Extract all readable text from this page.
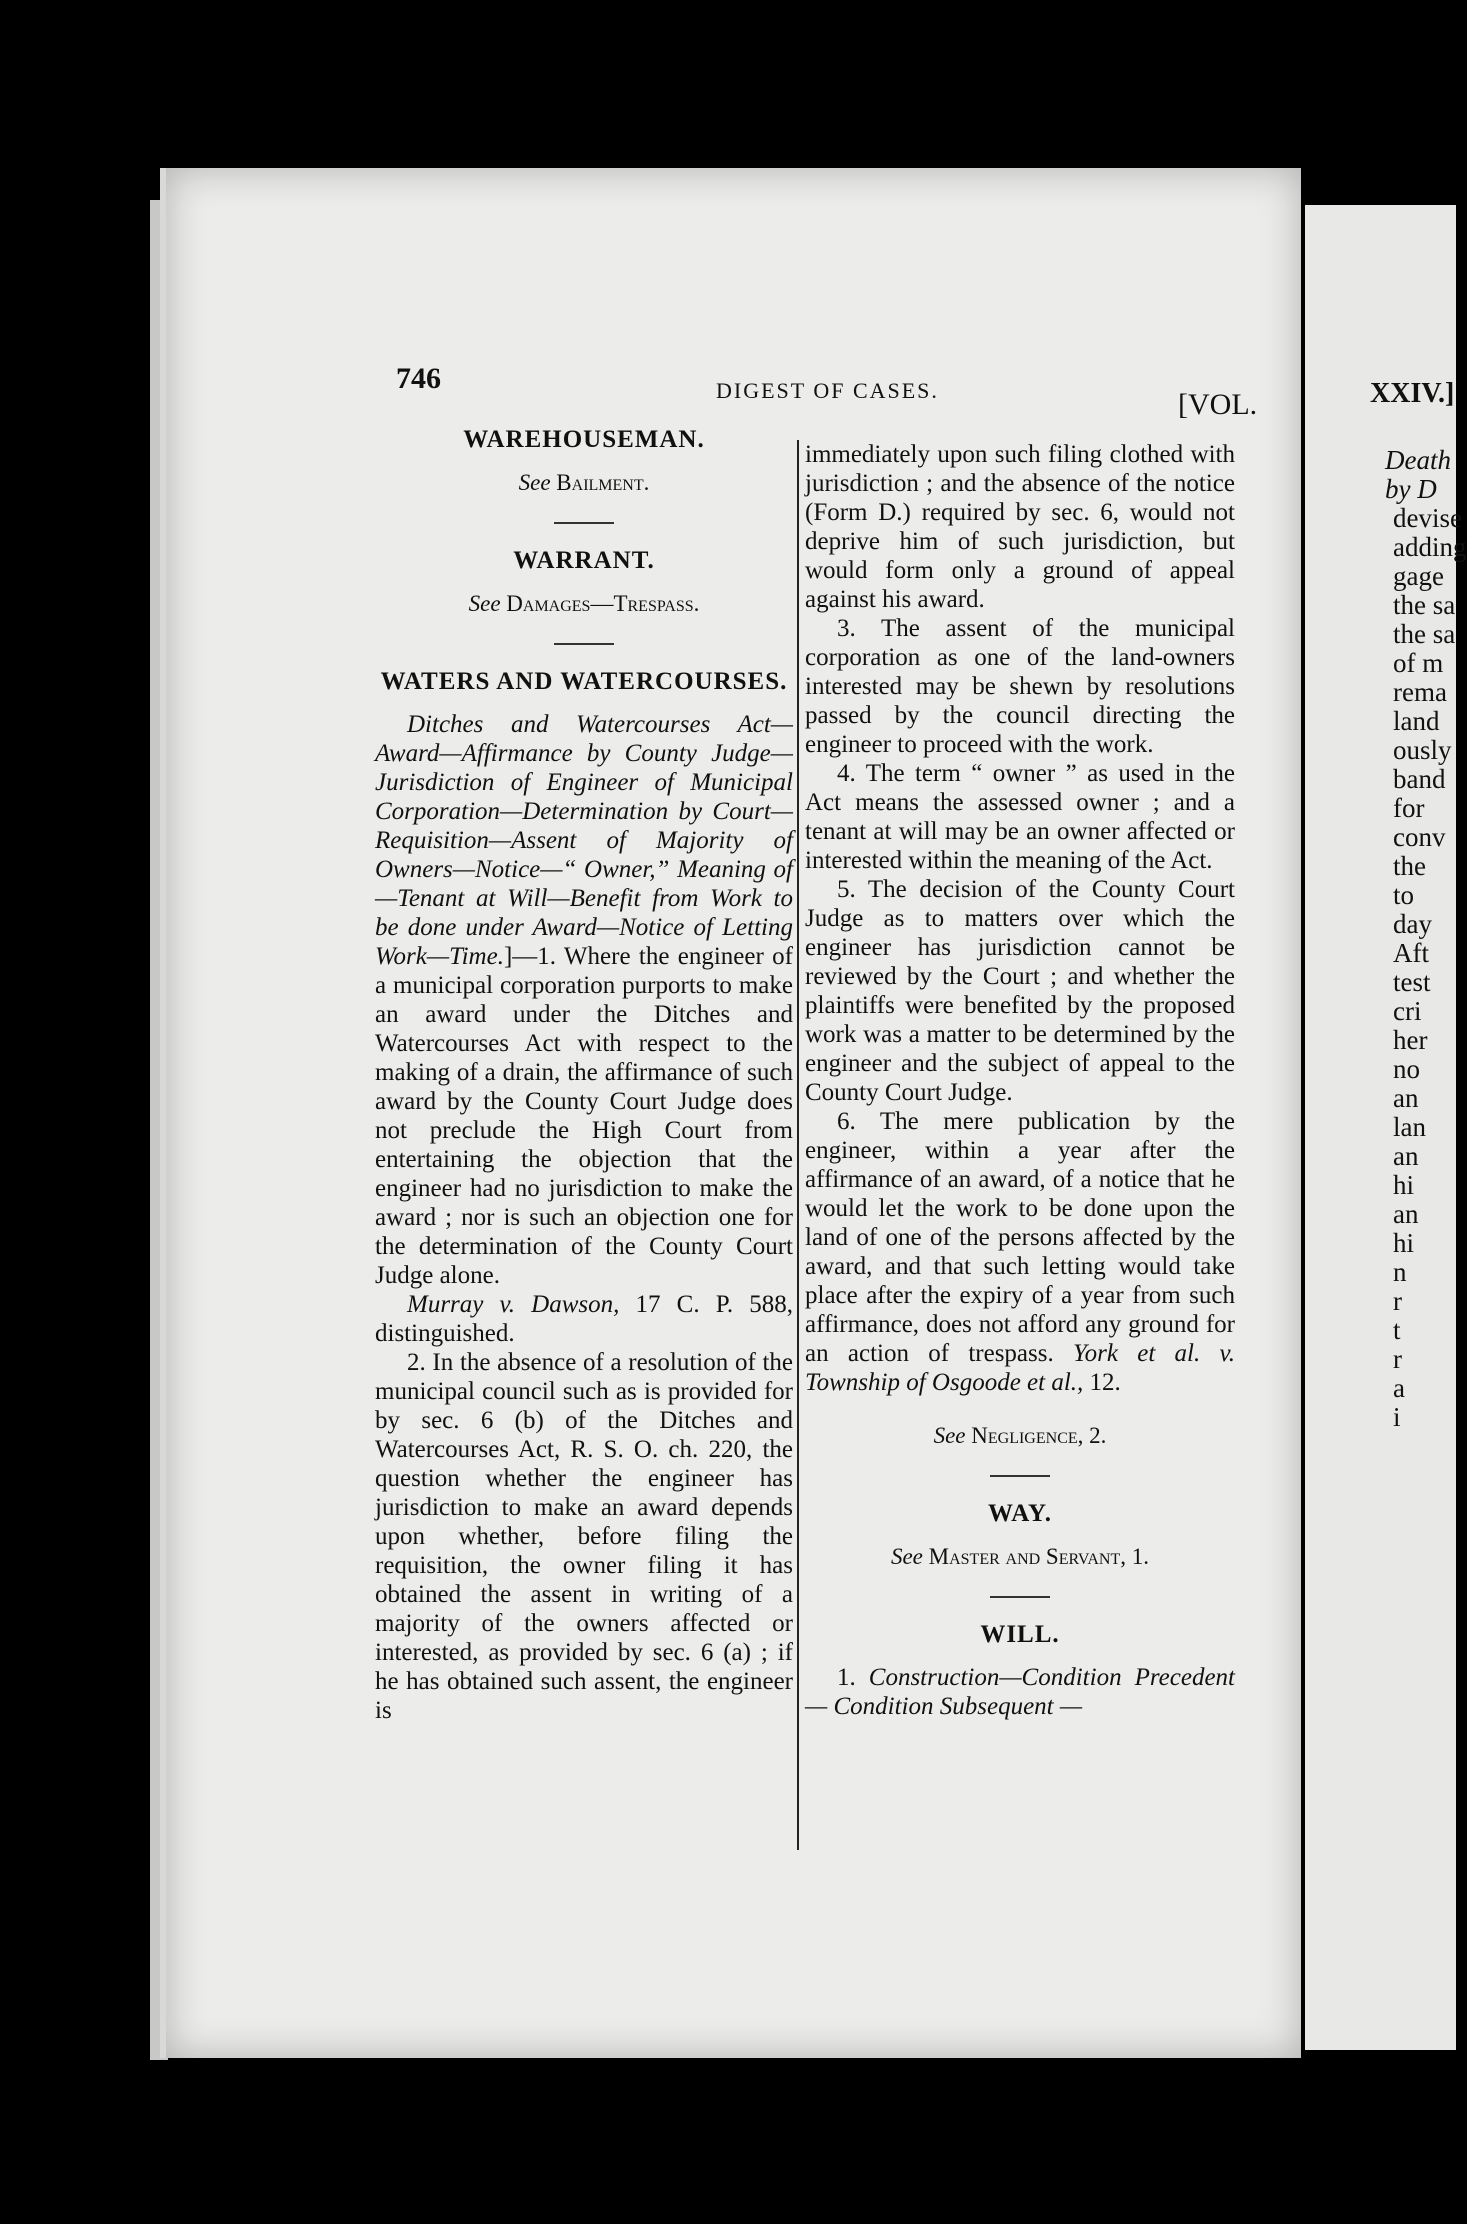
Death
by D
devise
adding
gage
the sa
the sa
of m
rema
land
ously
band
for
conv
the
to
day
Aft
test
cri
her
no
an
lan
an
hi
an
hi
n
r
t
r
a
i
746	DIGEST OF CASES.	[VOL.	XXIV.]
WAREHOUSEMAN.
See Bailment.
WARRANT.
See Damages—Trespass.
WATERS AND WATERCOURSES.

Ditches and Watercourses Act—Award—Affirmance by County Judge—Jurisdiction of Engineer of Municipal Corporation—Determination by Court—Requisition—Assent of Majority of Owners—Notice—“ Owner,” Meaning of—Tenant at Will—Benefit from Work to be done under Award—Notice of Letting Work—Time.]—1. Where the engineer of a municipal corporation purports to make an award under the Ditches and Watercourses Act with respect to the making of a drain, the affirmance of such award by the County Court Judge does not preclude the High Court from entertaining the objection that the engineer had no jurisdiction to make the award ; nor is such an objection one for the determination of the County Court Judge alone.

Murray v. Dawson, 17 C. P. 588, distinguished.

2. In the absence of a resolution of the municipal council such as is provided for by sec. 6 (b) of the Ditches and Watercourses Act, R. S. O. ch. 220, the question whether the engineer has jurisdiction to make an award depends upon whether, before filing the requisition, the owner filing it has obtained the assent in writing of a majority of the owners affected or interested, as provided by sec. 6 (a) ; if he has obtained such assent, the engineer is

immediately upon such filing clothed with jurisdiction ; and the absence of the notice (Form D.) required by sec. 6, would not deprive him of such jurisdiction, but would form only a ground of appeal against his award.

3. The assent of the municipal corporation as one of the land-owners interested may be shewn by resolutions passed by the council directing the engineer to proceed with the work.

4. The term “ owner ” as used in the Act means the assessed owner ; and a tenant at will may be an owner affected or interested within the meaning of the Act.

5. The decision of the County Court Judge as to matters over which the engineer has jurisdiction cannot be reviewed by the Court ; and whether the plaintiffs were benefited by the proposed work was a matter to be determined by the engineer and the subject of appeal to the County Court Judge.

6. The mere publication by the engineer, within a year after the affirmance of an award, of a notice that he would let the work to be done upon the land of one of the persons affected by the award, and that such letting would take place after the expiry of a year from such affirmance, does not afford any ground for an action of trespass. York et al. v. Township of Osgoode et al., 12.

See Negligence, 2.
WAY.
See Master and Servant, 1.
WILL.

1. Construction—Condition Precedent — Condition Subsequent —
